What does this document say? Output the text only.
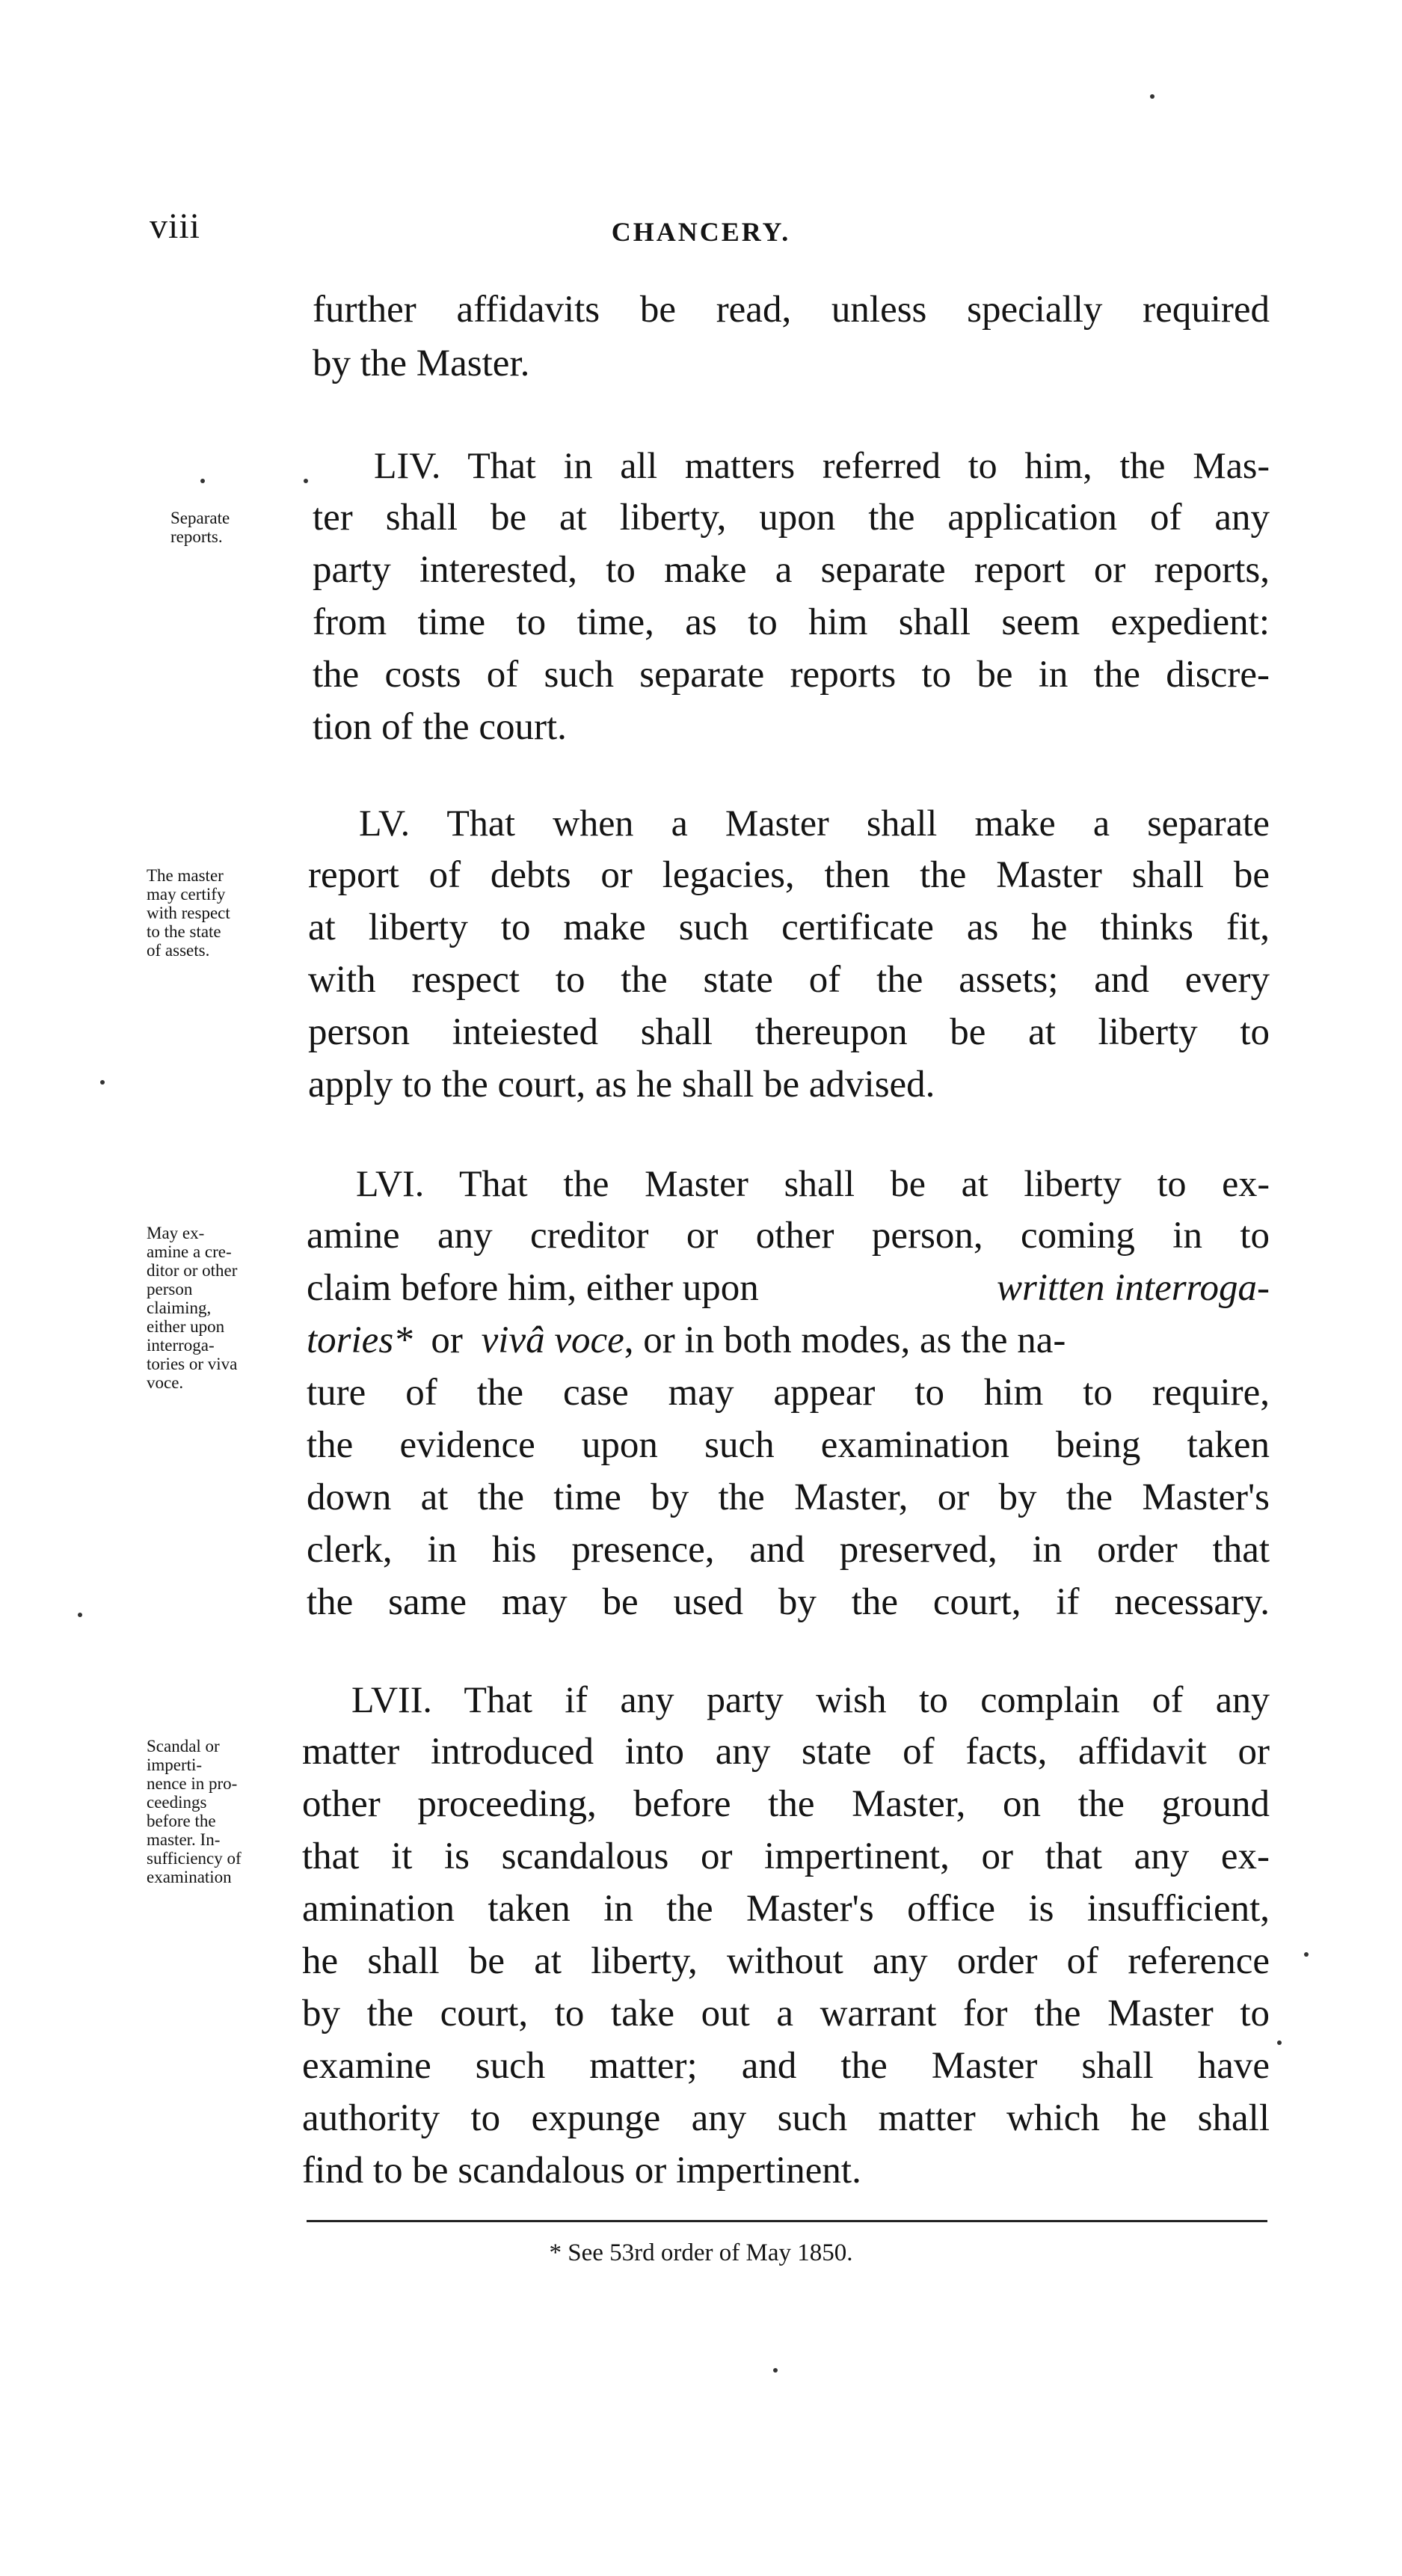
viii	CHANCERY.
further affidavits be read, unless specially required
by the Master.
LIV. That in all matters referred to him, the Mas-
ter shall be at liberty, upon the application of any
party interested, to make a separate report or reports,
from time to time, as to him shall seem expedient:
the costs of such separate reports to be in the discre-
tion of the court.
Separate
reports.
LV. That when a Master shall make a separate
report of debts or legacies, then the Master shall be
at liberty to make such certificate as he thinks fit,
with respect to the state of the assets; and every
person inteiested shall thereupon be at liberty to
apply to the court, as he shall be advised.
The master
may certify
with respect
to the state
of assets.
LVI. That the Master shall be at liberty to ex-
amine any creditor or other person, coming in to
claim before him, either upon	written interroga-
tories* or vivâ voce, or in both modes, as the na-
ture of the case may appear to him to require,
the evidence upon such examination being taken
down at the time by the Master, or by the Master's
clerk, in his presence, and preserved, in order that
the same may be used by the court, if necessary.
May ex-
amine a cre-
ditor or other
person
claiming,
either upon
interroga-
tories or viva
voce.
LVII. That if any party wish to complain of any
matter introduced into any state of facts, affidavit or
other proceeding, before the Master, on the ground
that it is scandalous or impertinent, or that any ex-
amination taken in the Master's office is insufficient,
he shall be at liberty, without any order of reference
by the court, to take out a warrant for the Master to
examine such matter; and the Master shall have
authority to expunge any such matter which he shall
find to be scandalous or impertinent.
Scandal or
imperti-
nence in pro-
ceedings
before the
master. In-
sufficiency of
examination
* See 53rd order of May 1850.
